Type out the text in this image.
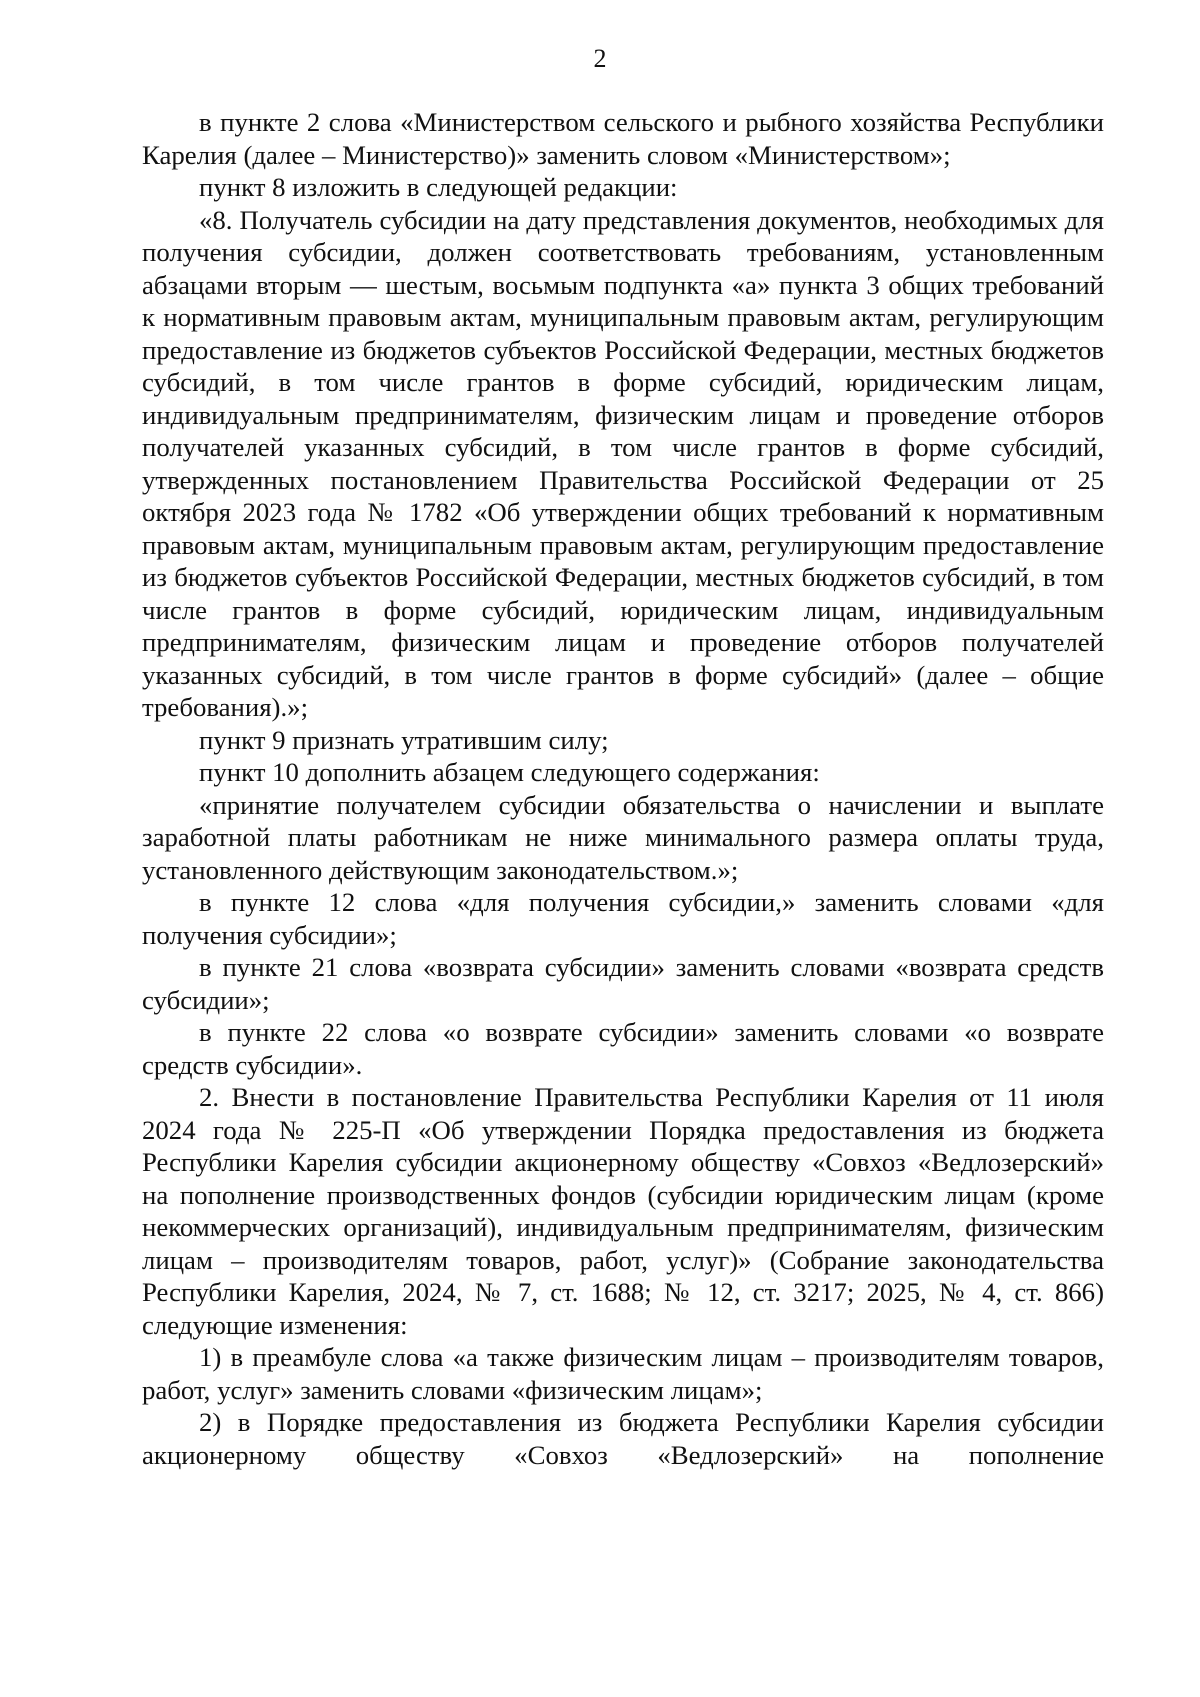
2

в пункте 2 слова «Министерством сельского и рыбного хозяйства Республики Карелия (далее – Министерство)» заменить словом «Министерством»;

пункт 8 изложить в следующей редакции:

«8. Получатель субсидии на дату представления документов, необходимых для получения субсидии, должен соответствовать требованиям, установленным абзацами вторым — шестым, восьмым подпункта «а» пункта 3 общих требований к нормативным правовым актам, муниципальным правовым актам, регулирующим предоставление из бюджетов субъектов Российской Федерации, местных бюджетов субсидий, в том числе грантов в форме субсидий, юридическим лицам, индивидуальным предпринимателям, физическим лицам и проведение отборов получателей указанных субсидий, в том числе грантов в форме субсидий, утвержденных постановлением Правительства Российской Федерации от 25 октября 2023 года № 1782 «Об утверждении общих требований к нормативным правовым актам, муниципальным правовым актам, регулирующим предоставление из бюджетов субъектов Российской Федерации, местных бюджетов субсидий, в том числе грантов в форме субсидий, юридическим лицам, индивидуальным предпринимателям, физическим лицам и проведение отборов получателей указанных субсидий, в том числе грантов в форме субсидий» (далее – общие требования).»;

пункт 9 признать утратившим силу;

пункт 10 дополнить абзацем следующего содержания:

«принятие получателем субсидии обязательства о начислении и выплате заработной платы работникам не ниже минимального размера оплаты труда, установленного действующим законодательством.»;

в пункте 12 слова «для получения субсидии,» заменить словами «для получения субсидии»;

в пункте 21 слова «возврата субсидии» заменить словами «возврата средств субсидии»;

в пункте 22 слова «о возврате субсидии» заменить словами «о возврате средств субсидии».

2. Внести в постановление Правительства Республики Карелия от 11 июля 2024 года № 225-П «Об утверждении Порядка предоставления из бюджета Республики Карелия субсидии акционерному обществу «Совхоз «Ведлозерский» на пополнение производственных фондов (субсидии юридическим лицам (кроме некоммерческих организаций), индивидуальным предпринимателям, физическим лицам – производителям товаров, работ, услуг)» (Собрание законодательства Республики Карелия, 2024, № 7, ст. 1688; № 12, ст. 3217; 2025, № 4, ст. 866) следующие изменения:

1) в преамбуле слова «а также физическим лицам – производителям товаров, работ, услуг» заменить словами «физическим лицам»;

2) в Порядке предоставления из бюджета Республики Карелия субсидии акционерному обществу «Совхоз «Ведлозерский» на пополнение
